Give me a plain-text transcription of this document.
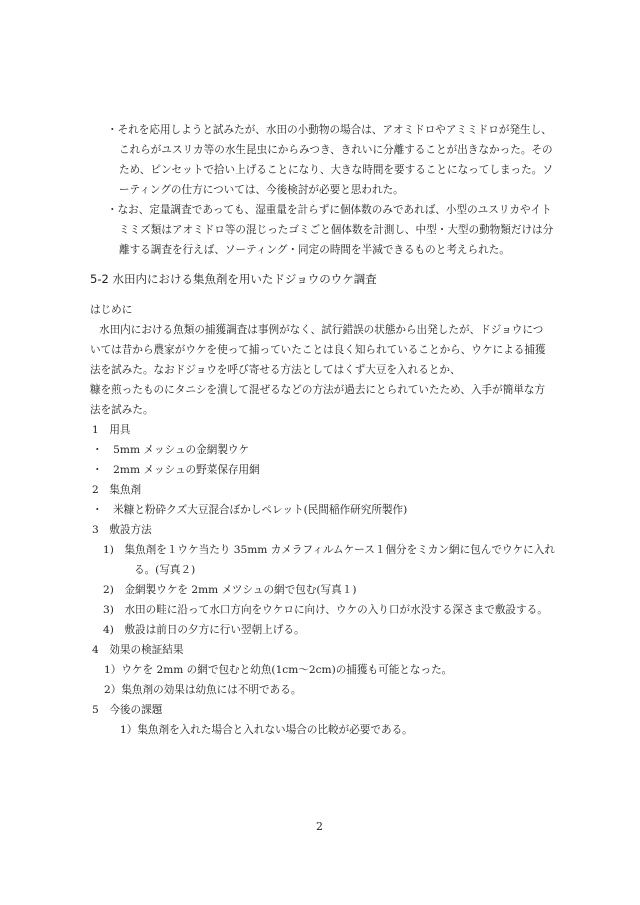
・それを応用しようと試みたが、水田の小動物の場合は、アオミドロやアミミドロが発生し、
これらがユスリカ等の水生昆虫にからみつき、きれいに分離することが出きなかった。その
ため、ピンセットで拾い上げることになり、大きな時間を要することになってしまった。ソ
ーティングの仕方については、今後検討が必要と思われた。
・なお、定量調査であっても、湿重量を計らずに個体数のみであれば、小型のユスリカやイト
ミミズ類はアオミドロ等の混じったゴミごと個体数を計測し、中型・大型の動物類だけは分
離する調査を行えば、ソーティング・同定の時間を半減できるものと考えられた。
5-2 水田内における集魚剤を用いたドジョウのウケ調査
はじめに
水田内における魚類の捕獲調査は事例がなく、試行錯誤の状態から出発したが、ドジョウにつ
いては昔から農家がウケを使って捕っていたことは良く知られていることから、ウケによる捕獲
法を試みた。なおドジョウを呼び寄せる方法としてはくず大豆を入れるとか、
糠を煎ったものにタニシを潰して混ぜるなどの方法が過去にとられていたため、入手が簡単な方
法を試みた。
1　用具
・　5mm メッシュの金網製ウケ
・　2mm メッシュの野菜保存用網
2　集魚剤
・　米糠と粉砕クズ大豆混合ぼかしペレット(民間稲作研究所製作)
3　敷設方法
1)　集魚剤を１ウケ当たり 35mm カメラフィルムケース１個分をミカン網に包んでウケに入れ
る。(写真２)
2)　金網製ウケを 2mm メツシュの網で包む(写真１)
3)　水田の畦に沿って水口方向をウケロに向け、ウケの入り口が水没する深さまで敷設する。
4)　敷設は前日の夕方に行い翌朝上げる。
4　効果の検証結果
1）ウケを 2mm の網で包むと幼魚(1cm～2cm)の捕獲も可能となった。
2）集魚剤の効果は幼魚には不明である。
5　今後の課題
1）集魚剤を入れた場合と入れない場合の比較が必要である。
2
